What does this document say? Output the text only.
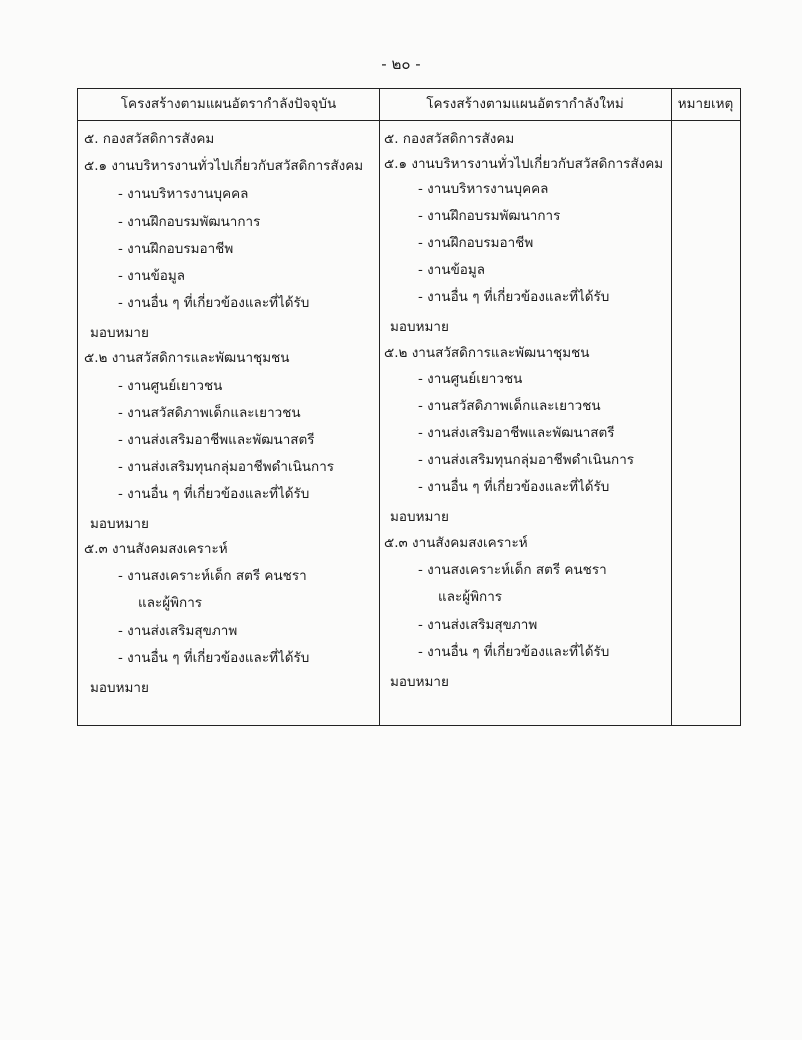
- ๒๐ -
โครงสร้างตามแผนอัตรากำลังปัจจุบัน	โครงสร้างตามแผนอัตรากำลังใหม่	หมายเหตุ
๕. กองสวัสดิการสังคม
๕.๑ งานบริหารงานทั่วไปเกี่ยวกับสวัสดิการสังคม
- งานบริหารงานบุคคล
- งานฝึกอบรมพัฒนาการ
- งานฝึกอบรมอาชีพ
- งานข้อมูล
- งานอื่น ๆ ที่เกี่ยวข้องและที่ได้รับ
มอบหมาย
๕.๒ งานสวัสดิการและพัฒนาชุมชน
- งานศูนย์เยาวชน
- งานสวัสดิภาพเด็กและเยาวชน
- งานส่งเสริมอาชีพและพัฒนาสตรี
- งานส่งเสริมทุนกลุ่มอาชีพดำเนินการ
- งานอื่น ๆ ที่เกี่ยวข้องและที่ได้รับ
มอบหมาย
๕.๓ งานสังคมสงเคราะห์
- งานสงเคราะห์เด็ก สตรี คนชรา
และผู้พิการ
- งานส่งเสริมสุขภาพ
- งานอื่น ๆ ที่เกี่ยวข้องและที่ได้รับ
มอบหมาย
๕. กองสวัสดิการสังคม
๕.๑ งานบริหารงานทั่วไปเกี่ยวกับสวัสดิการสังคม
- งานบริหารงานบุคคล
- งานฝึกอบรมพัฒนาการ
- งานฝึกอบรมอาชีพ
- งานข้อมูล
- งานอื่น ๆ ที่เกี่ยวข้องและที่ได้รับ
มอบหมาย
๕.๒ งานสวัสดิการและพัฒนาชุมชน
- งานศูนย์เยาวชน
- งานสวัสดิภาพเด็กและเยาวชน
- งานส่งเสริมอาชีพและพัฒนาสตรี
- งานส่งเสริมทุนกลุ่มอาชีพดำเนินการ
- งานอื่น ๆ ที่เกี่ยวข้องและที่ได้รับ
มอบหมาย
๕.๓ งานสังคมสงเคราะห์
- งานสงเคราะห์เด็ก สตรี คนชรา
และผู้พิการ
- งานส่งเสริมสุขภาพ
- งานอื่น ๆ ที่เกี่ยวข้องและที่ได้รับ
มอบหมาย
